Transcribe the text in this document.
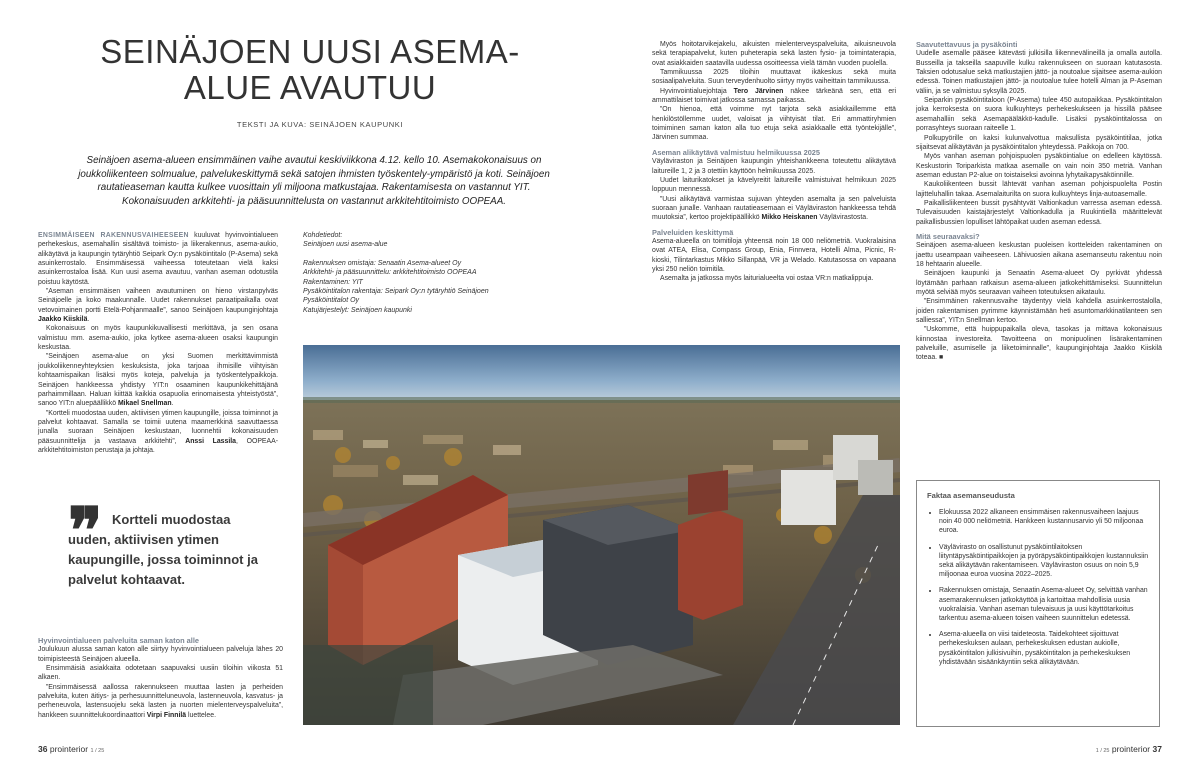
SEINÄJOEN UUSI ASEMA-ALUE AVAUTUU
TEKSTI JA KUVA: SEINÄJOEN KAUPUNKI
Seinäjoen asema-alueen ensimmäinen vaihe avautui keskiviikkona 4.12. kello 10. Asemakokonaisuus on joukkoliikenteen solmualue, palvelukeskittymä sekä satojen ihmisten työskentely-ympäristö ja koti. Seinäjoen rautatieaseman kautta kulkee vuosittain yli miljoona matkustajaa. Rakentamisesta on vastannut YIT. Kokonaisuuden arkkitehti- ja pääsuunnittelusta on vastannut arkkitehtitoimisto OOPEAA.

ENSIMMÄISEEN RAKENNUSVAIHEESEEN kuuluvat hyvinvointialueen perhekeskus, asemahallin sisältävä toimisto- ja liikerakennus, asema-aukio, alikäytävä ja kaupungin tytäryhtiö Seipark Oy:n pysäköintitalo (P-Asema) sekä asuinkerrostalo. Ensimmäisessä vaiheessa toteutetaan vielä kaksi asuinkerrostaloa lisää. Kun uusi asema avautuu, vanhan aseman odotustila poistuu käytöstä.

”Aseman ensimmäisen vaiheen avautuminen on hieno virstanpylväs Seinäjoelle ja koko maakunnalle. Uudet rakennukset paraatipaikalla ovat vetovoimainen portti Etelä-Pohjanmaalle”, sanoo Seinäjoen kaupunginjohtaja Jaakko Kiiskilä.

Kokonaisuus on myös kaupunkikuvallisesti merkittävä, ja sen osana valmistuu mm. asema-aukio, joka kytkee asema-alueen osaksi kaupungin keskustaa.

”Seinäjoen asema-alue on yksi Suomen merkittävimmistä joukkoliikenneyhteyksien keskuksista, joka tarjoaa ihmisille viihtyisän kohtaamispaikan lisäksi myös koteja, palveluja ja työskentelypaikkoja. Seinäjoen hankkeessa yhdistyy YIT:n osaaminen kaupunkikehittäjänä parhaimmillaan. Haluan kiittää kaikkia osapuolia erinomaisesta yhteistyöstä”, sanoo YIT:n aluepäällikkö Mikael Snellman.

”Kortteli muodostaa uuden, aktiivisen ytimen kaupungille, joissa toiminnot ja palvelut kohtaavat. Samalla se toimii uutena maamerkkinä saavuttaessa junalla suoraan Seinäjoen keskustaan, luonnehtii kokonaisuuden pääsuunnittelija ja vastaava arkkitehti”, Anssi Lassila, OOPEAA-arkkitehtitoimiston perustaja ja johtaja.

Kohdetiedot:

Seinäjoen uusi asema-alue

Rakennuksen omistaja: Senaatin Asema-alueet Oy

Arkkitehti- ja pääsuunnittelu: arkkitehtitoimisto OOPEAA

Rakentaminen: YIT

Pysäköintitalon rakentaja: Seipark Oy:n tytäryhtiö Seinäjoen

Pysäköintitalot Oy

Katujärjestelyt: Seinäjoen kaupunki

❞ Kortteli muodostaa uuden, aktiivisen ytimen kaupungille, jossa toiminnot ja palvelut kohtaavat.
Hyvinvointialueen palveluita saman katon alle

Joulukuun alussa saman katon alle siirtyy hyvinvointialueen palveluja lähes 20 toimipisteestä Seinäjoen alueella.

Ensimmäisiä asiakkaita odotetaan saapuvaksi uusiin tiloihin viikosta 51 alkaen.

”Ensimmäisessä aallossa rakennukseen muuttaa lasten ja perheiden palveluita, kuten äitiys- ja perhesuunnitteluneuvola, lastenneuvola, kasvatus- ja perheneuvola, lastensuojelu sekä lasten ja nuorten mielenterveyspalveluita”, hankkeen suunnittelukoordinaattori Virpi Finnilä luettelee.

Myös hoitotarvikejakelu, aikuisten mielenterveyspalveluita, aikuisneuvola sekä terapiapalvelut, kuten puheterapia sekä lasten fysio- ja toimintaterapia, ovat asiakkaiden saatavilla uudessa osoitteessa vielä tämän vuoden puolella.

Tammikuussa 2025 tiloihin muuttavat ikäkeskus sekä muita sosiaalipalveluita. Suun terveydenhuolto siirtyy myös vaiheittain tammikuussa.

Hyvinvointialuejohtaja Tero Järvinen näkee tärkeänä sen, että eri ammattilaiset toimivat jatkossa samassa paikassa.

”On hienoa, että voimme nyt tarjota sekä asiakkaillemme että henkilöstöllemme uudet, valoisat ja viihtyisät tilat. Eri ammattiryhmien toimiminen saman katon alla tuo etuja sekä asiakkaalle että työntekijälle”, Järvinen summaa.

Aseman alikäytävä valmistuu helmikuussa 2025

Väyläviraston ja Seinäjoen kaupungin yhteishankkeena toteutettu alikäytävä laitureille 1, 2 ja 3 otettiin käyttöön helmikuussa 2025.

Uudet laiturikatokset ja kävelyreitit laitureille valmistuivat helmikuun 2025 loppuun mennessä.

”Uusi alikäytävä varmistaa sujuvan yhteyden asemalta ja sen palveluista suoraan junalle. Vanhaan rautatieasemaan ei Väyläviraston hankkeessa tehdä muutoksia”, kertoo projektipäällikkö Mikko Heiskanen Väylävirastosta.

Palveluiden keskittymä

Asema-alueella on toimitiloja yhteensä noin 18 000 neliömetriä. Vuokralaisina ovat ATEA, Elisa, Compass Group, Enia, Finnvera, Hotelli Alma, Picnic, R-kioski, Tilintarkastus Mikko Sillanpää, VR ja Welado. Katutasossa on vapaana yksi 250 neliön toimitila.

Asemalta ja jatkossa myös laiturialueelta voi ostaa VR:n matkalippuja.

Saavutettavuus ja pysäköinti

Uudelle asemalle pääsee kätevästi julkisilla liikennevälineillä ja omalla autolla. Busseilla ja takseilla saapuville kulku rakennukseen on suoraan katutasosta. Taksien odotusalue sekä matkustajien jättö- ja noutoalue sijaitsee asema-aukion edessä. Toinen matkustajien jättö- ja noutoalue tulee hotelli Alman ja P-Aseman väliin, ja se valmistuu syksyllä 2025.

Seiparkin pysäköintitaloon (P-Asema) tulee 450 autopaikkaa. Pysäköintitalon joka kerroksesta on suora kulkuyhteys perhekeskukseen ja hissillä pääsee asemahalliin sekä Asemapääläkkö-kadulle. Lisäksi pysäköintitalossa on porrasyhteys suoraan raiteelle 1.

Polkupyörille on kaksi kulunvalvottua maksullista pysäköintitilaa, jotka sijaitsevat alikäytävän ja pysäköintitalon yhteydessä. Paikkoja on 700.

Myös vanhan aseman pohjoispuolen pysäköintialue on edelleen käytössä. Keskustorin Toriparkista matkaa asemalle on vain noin 350 metriä. Vanhan aseman edustan P2-alue on toistaiseksi avoinna lyhytaikapysäköinnille.

Kaukoliikenteen bussit lähtevät vanhan aseman pohjoispuolelta Postin lajitteluhallin takaa. Asemalaiturilta on suora kulkuyhteys linja-autoasemalle.

Paikallisliikenteen bussit pysähtyvät Valtionkadun varressa aseman edessä. Tulevaisuuden kaistajärjestelyt Valtionkadulla ja Ruukintiellä määrittelevät paikallisbussien lopulliset lähtöpaikat uuden aseman edessä.

Mitä seuraavaksi?

Seinäjoen asema-alueen keskustan puoleisen kortteleiden rakentaminen on jaettu useampaan vaiheeseen. Lähivuosien aikana asemanseutu rakentuu noin 18 hehtaarin alueelle.

Seinäjoen kaupunki ja Senaatin Asema-alueet Oy pyrkivät yhdessä löytämään parhaan ratkaisun asema-alueen jatkokehittämiseksi. Suunnittelun myötä selviää myös seuraavan vaiheen toteutuksen aikataulu.

”Ensimmäinen rakennusvaihe täydentyy vielä kahdella asuinkerrostalolla, joiden rakentamisen pyrimme käynnistämään heti asuntomarkkinatilanteen sen salliessa”, YIT:n Snellman kertoo.

”Uskomme, että huippupaikalla oleva, tasokas ja mittava kokonaisuus kiinnostaa investoreita. Tavoitteena on monipuolinen lisärakentaminen palveluille, asumiselle ja liiketoiminnalle”, kaupunginjohtaja Jaakko Kiiskilä toteaa. ■

Faktaa asemanseudusta
• Elokuussa 2022 alkaneen ensimmäisen rakennusvaiheen laajuus noin 40 000 neliömetriä. Hankkeen kustannusarvio yli 50 miljoonaa euroa.
• Väylävirasto on osallistunut pysäköintilaitoksen liityntäpysäköintipaikkojen ja pyöräpysäköintipaikkojen kustannuksiin sekä alikäytävän rakentamiseen. Väyläviraston osuus on noin 5,9 miljoonaa euroa vuosina 2022–2025.
• Rakennuksen omistaja, Senaatin Asema-alueet Oy, selvittää vanhan asemarakennuksen jatkokäyttöä ja kartoittaa mahdollisia uusia vuokralaisia. Vanhan aseman tulevaisuus ja uusi käyttötarkoitus tarkentuu asema-alueen toisen vaiheen suunnittelun edetessä.
• Asema-alueella on viisi taideteosta. Taidekohteet sijoittuvat perhekeskuksen aulaan, perhekeskuksen edustan aukiolle, pysäköintitalon julkisivuihin, pysäköintitalon ja perhekeskuksen yhdistävään sisäänkäyntiin sekä alikäytävään.
36 prointerior 1 / 25	1 / 25 prointerior 37
